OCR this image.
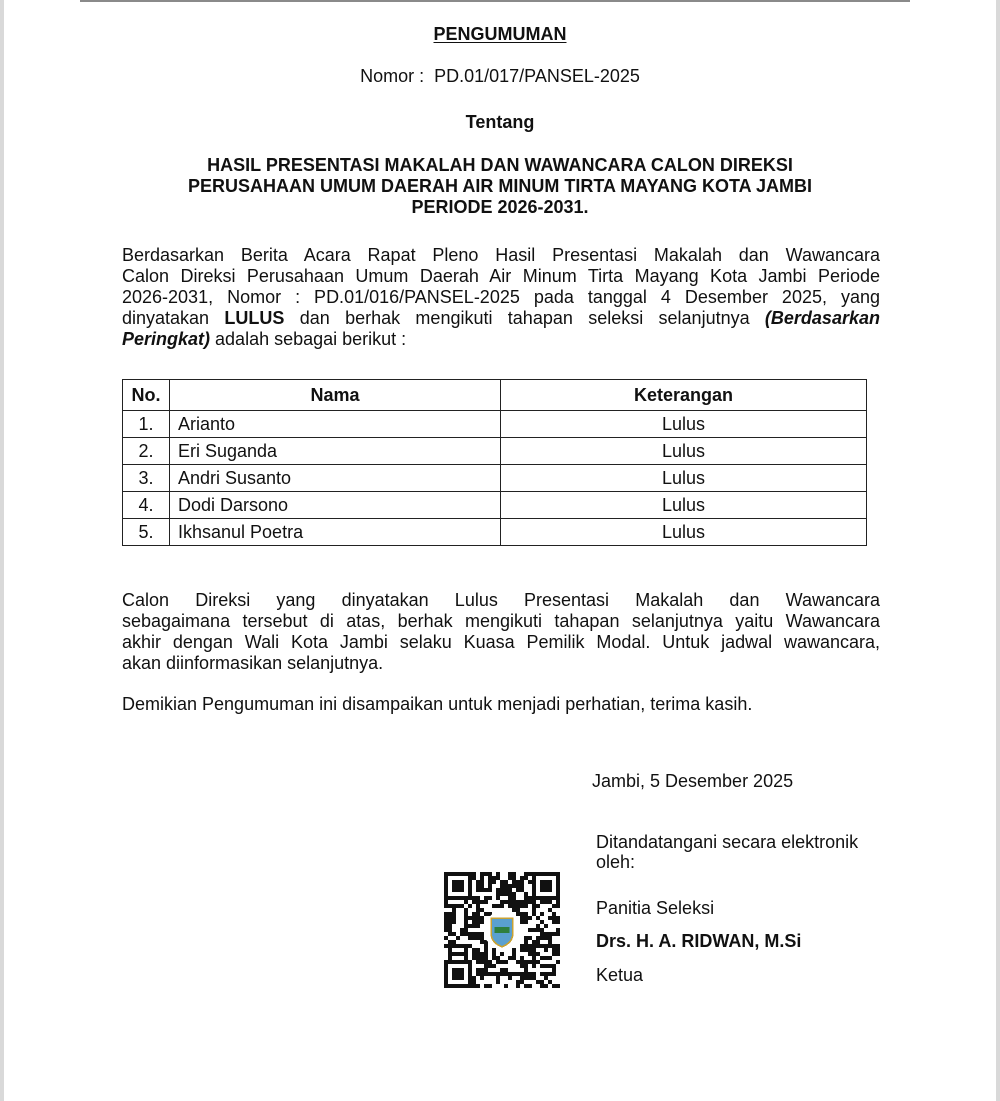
PENGUMUMAN
Nomor : PD.01/017/PANSEL-2025
Tentang
HASIL PRESENTASI MAKALAH DAN WAWANCARA CALON DIREKSI
PERUSAHAAN UMUM DAERAH AIR MINUM TIRTA MAYANG KOTA JAMBI
PERIODE 2026-2031.
Berdasarkan Berita Acara Rapat Pleno Hasil Presentasi Makalah dan Wawancara
Calon Direksi Perusahaan Umum Daerah Air Minum Tirta Mayang Kota Jambi Periode
2026-2031, Nomor : PD.01/016/PANSEL-2025 pada tanggal 4 Desember 2025, yang
dinyatakan LULUS dan berhak mengikuti tahapan seleksi selanjutnya (Berdasarkan
Peringkat) adalah sebagai berikut :
No.	Nama	Keterangan
1.	Arianto	Lulus
2.	Eri Suganda	Lulus
3.	Andri Susanto	Lulus
4.	Dodi Darsono	Lulus
5.	Ikhsanul Poetra	Lulus
Calon Direksi yang dinyatakan Lulus Presentasi Makalah dan Wawancara
sebagaimana tersebut di atas, berhak mengikuti tahapan selanjutnya yaitu Wawancara
akhir dengan Wali Kota Jambi selaku Kuasa Pemilik Modal. Untuk jadwal wawancara,
akan diinformasikan selanjutnya.
Demikian Pengumuman ini disampaikan untuk menjadi perhatian, terima kasih.
Jambi, 5 Desember 2025
Ditandatangani secara elektronik oleh:
Panitia Seleksi
Drs. H. A. RIDWAN, M.Si
Ketua
